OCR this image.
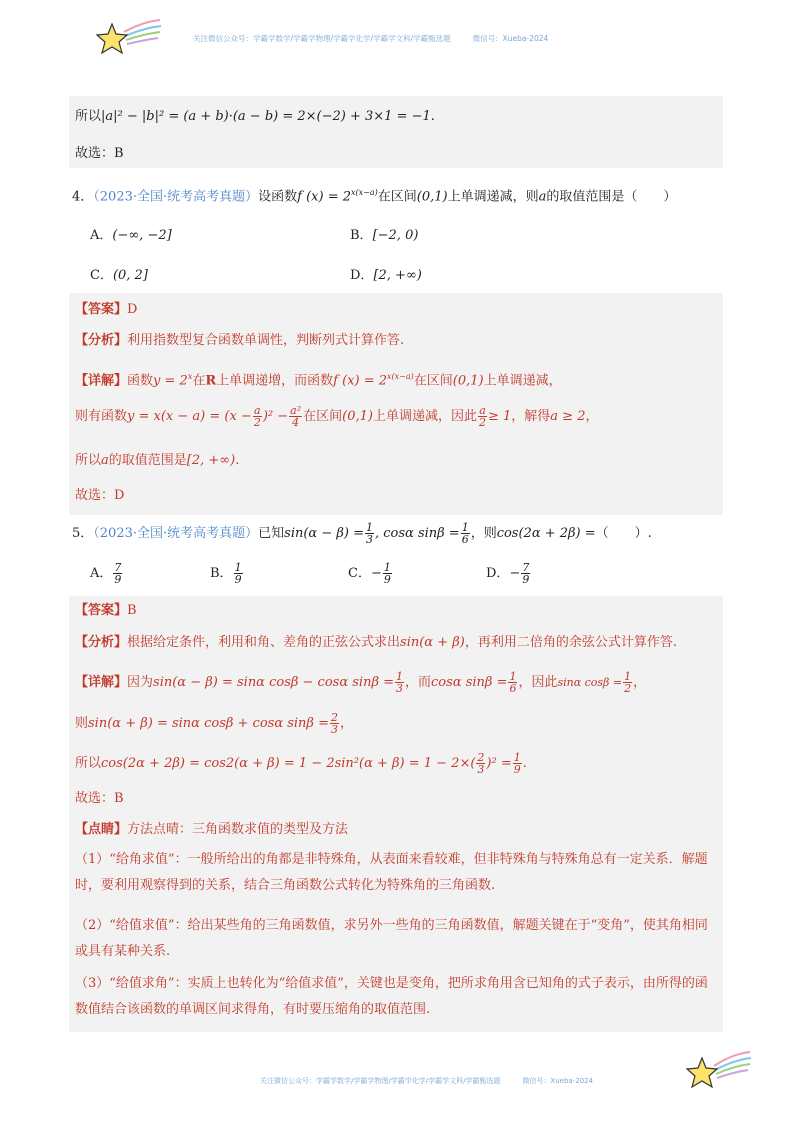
关注微信公众号：学霸学数学/学霸学物理/学霸学化学/学霸学文科/学霸甄选题	微信号：Xueba-2024
所以|a|² − |b|² = (a + b)·(a − b) = 2×(−2) + 3×1 = −1.
故选：B
4．（2023·全国·统考高考真题）设函数f $(x) = 2^{x(x-a)}$在区间(0,1)上单调递减，则a的取值范围是（　　）
A．(−∞, −2]	B．[−2, 0)
C．(0, 2]	D．[2, +∞)
【答案】D
【分析】利用指数型复合函数单调性，判断列式计算作答.
【详解】函数$y = 2^x$在R上单调递增，而函数f $(x) = 2^{x(x-a)}$在区间(0,1)上单调递减，
则有函数$y = x(x - a) = (x - \frac{a}{2} )^2 - \frac{\text{a²}}{4}$ 在区间(0,1)上单调递减，因此 $\frac{a}{2} \ge 1$，解得a ≥ 2，
所以a的取值范围是[2, +∞).
故选：D
5．（2023·全国·统考高考真题）已知$\sin(\alpha - \beta) = \frac{1}{3}$ , cosα $\sin\beta = \frac{1}{6}$ ，则cos(2α + 2β) =（　　）.
A． $\frac{7}{9}$	B． $\frac{1}{9}$	C．− $\frac{1}{9}$	D．− $\frac{7}{9}$
【答案】B
【分析】根据给定条件，利用和角、差角的正弦公式求出sin(α + β)，再利用二倍角的余弦公式计算作答.
【详解】因为sin(α − β) = sinα cosβ − cosα $\sin\beta = \frac{1}{3}$ ，而cosα $\sin\beta = \frac{1}{6}$ ，因此sinα $\cos\beta = \frac{1}{2}$ ，
则sin(α + β) = sinα cosβ + cosα $\sin\beta = \frac{2}{3}$ ，
所以$\cos(2\alpha + 2\beta) = \cos 2(\alpha + \beta) = 1 - 2\sin^2(\alpha + \beta) = 1 - 2\times( \frac{2}{3} )^2 = \frac{1}{9}$ .
故选：B
【点睛】方法点晴：三角函数求值的类型及方法
（1）“给角求值”：一般所给出的角都是非特殊角，从表面来看较难，但非特殊角与特殊角总有一定关系．解题时，要利用观察得到的关系，结合三角函数公式转化为特殊角的三角函数.
（2）“给值求值”：给出某些角的三角函数值，求另外一些角的三角函数值，解题关键在于“变角”，使其角相同或具有某种关系.
（3）“给值求角”：实质上也转化为“给值求值”，关键也是变角，把所求角用含已知角的式子表示，由所得的函数值结合该函数的单调区间求得角，有时要压缩角的取值范围.
关注微信公众号：学霸学数学/学霸学物理/学霸学化学/学霸学文科/学霸甄选题	微信号：Xueba-2024
